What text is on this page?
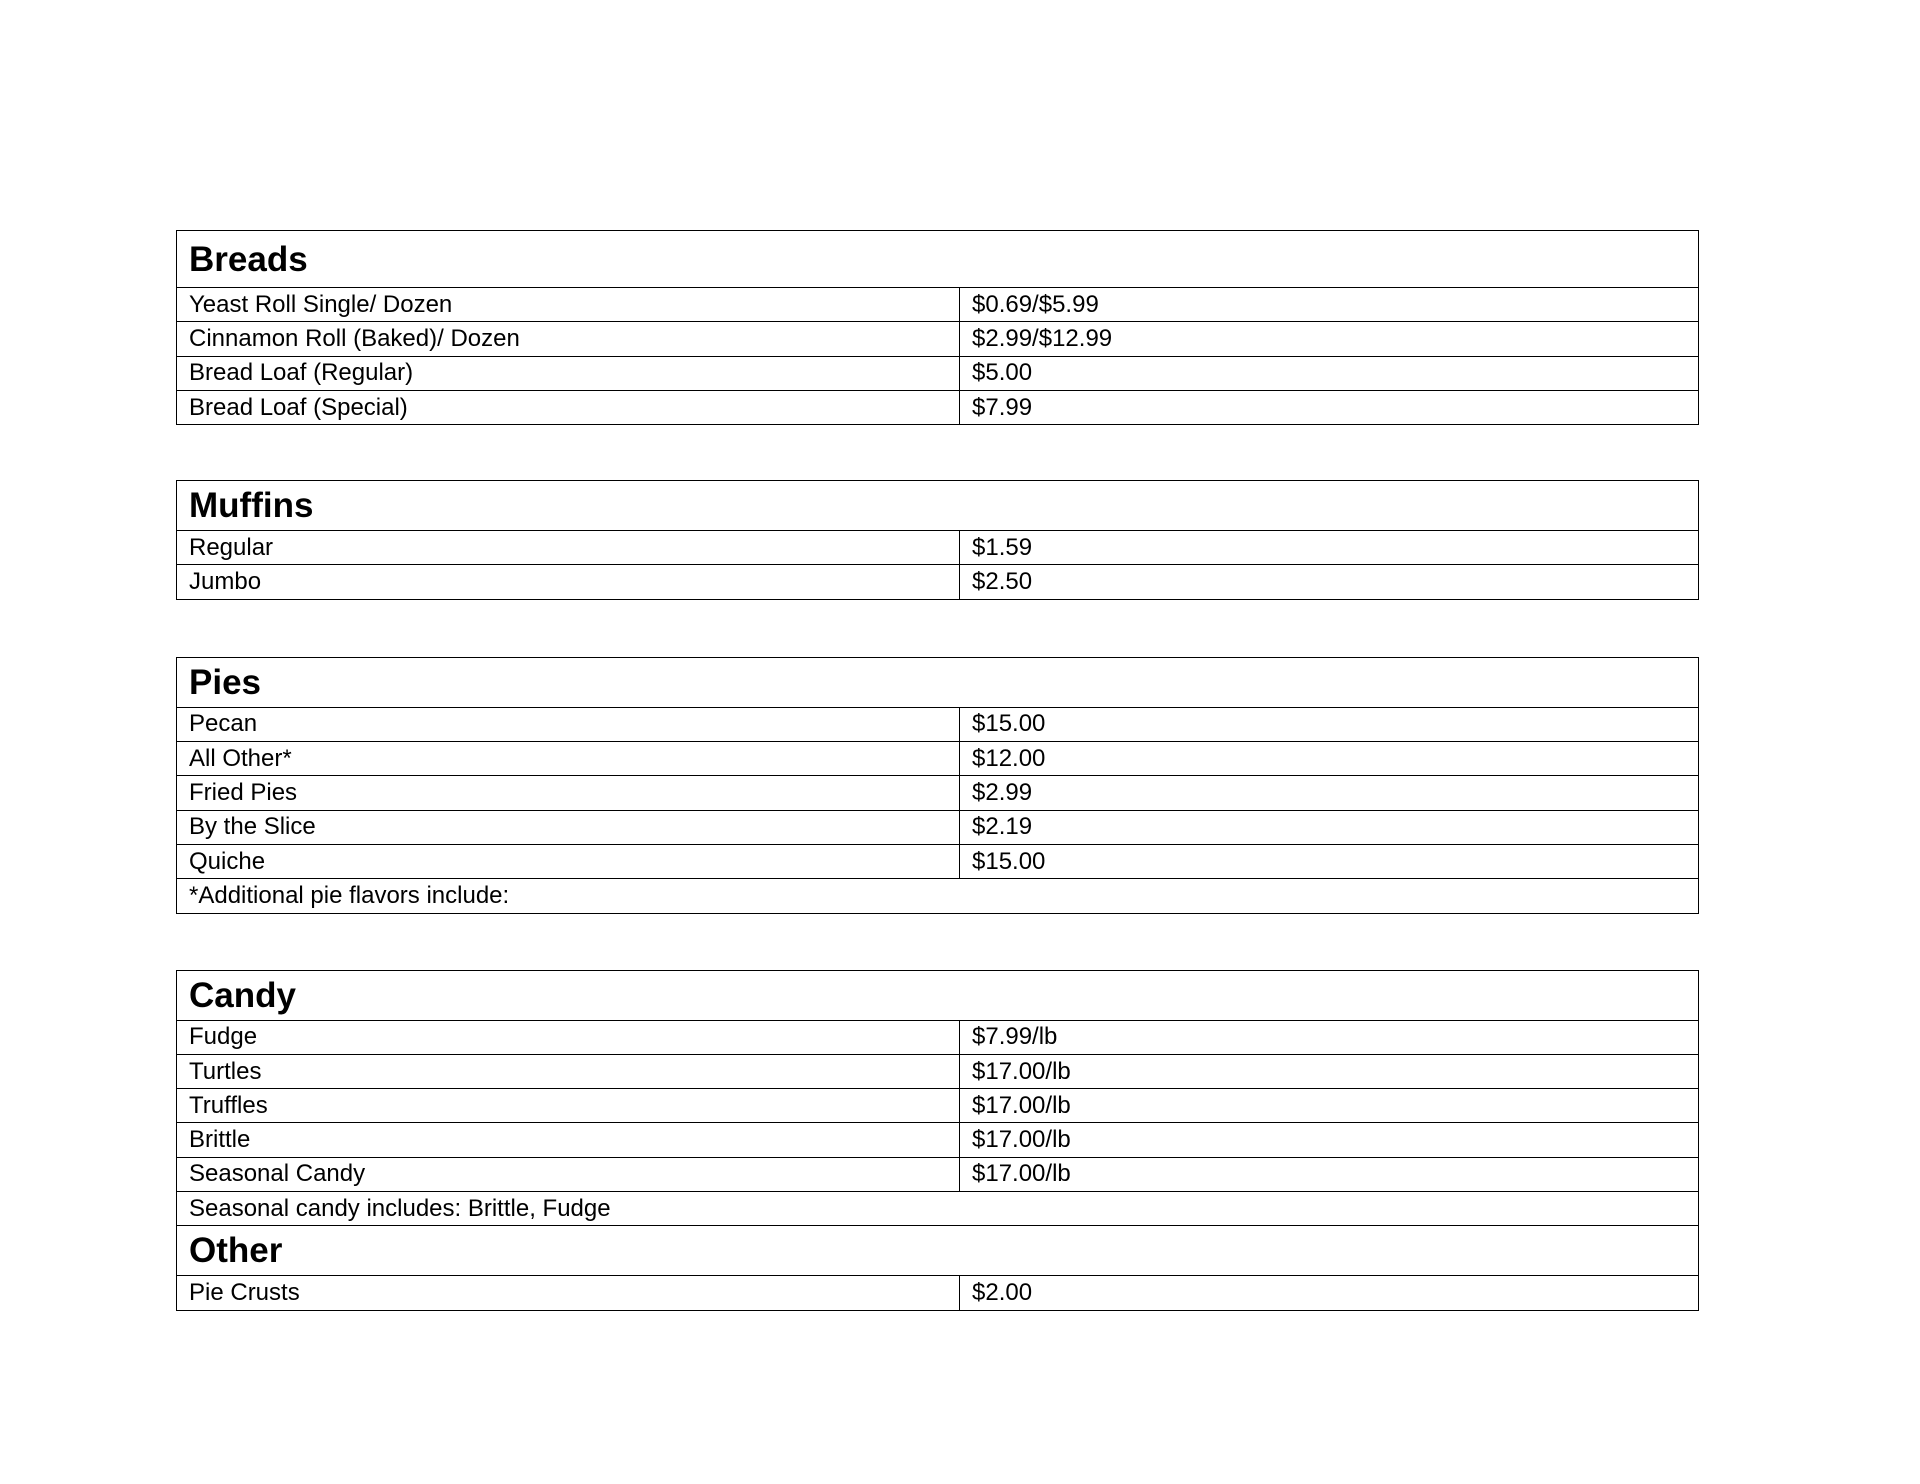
Breads	
Yeast Roll Single/ Dozen	$0.69/$5.99
Cinnamon Roll (Baked)/ Dozen	$2.99/$12.99
Bread Loaf (Regular)	$5.00
Bread Loaf (Special)	$7.99
Muffins	
Regular	$1.59
Jumbo	$2.50
Pies	
Pecan	$15.00
All Other*	$12.00
Fried Pies	$2.99
By the Slice	$2.19
Quiche	$15.00
*Additional pie flavors include:	
Candy	
Fudge	$7.99/lb
Turtles	$17.00/lb
Truffles	$17.00/lb
Brittle	$17.00/lb
Seasonal Candy	$17.00/lb
Seasonal candy includes: Brittle, Fudge	
Other	
Pie Crusts	$2.00
